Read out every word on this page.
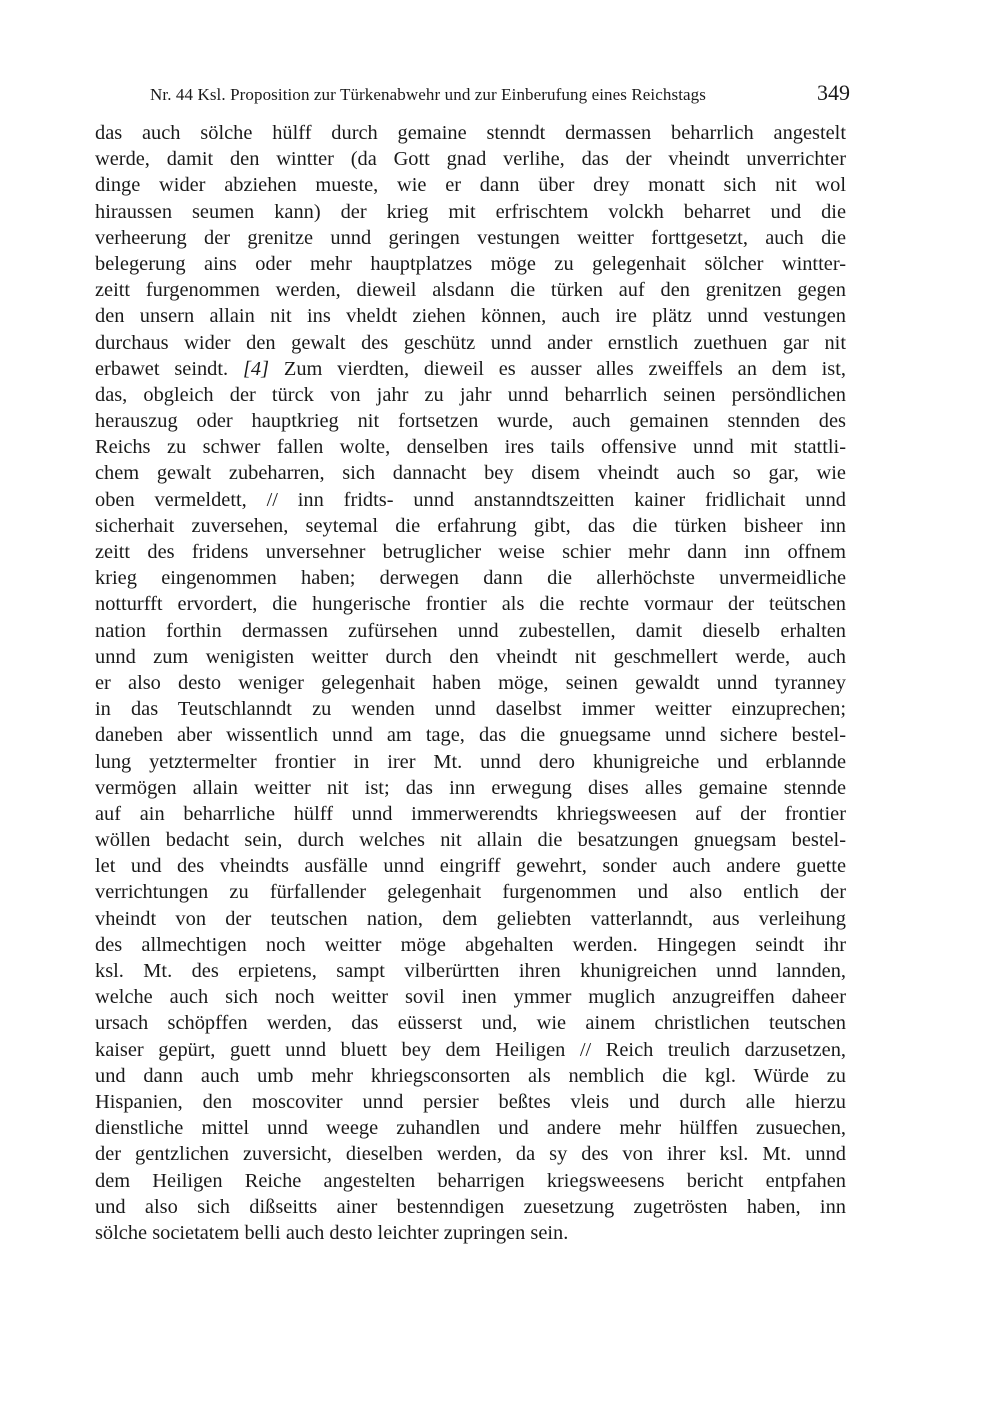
Nr. 44 Ksl. Proposition zur Türkenabwehr und zur Einberufung eines Reichstags	349
das auch sölche hülff durch gemaine stenndt dermassen beharrlich angestelt
werde, damit den wintter (da Gott gnad verlihe, das der vheindt unverrichter
dinge wider abziehen mueste, wie er dann über drey monatt sich nit wol
hiraussen seumen kann) der krieg mit erfrischtem volckh beharret und die
verheerung der grenitze unnd geringen vestungen weitter forttgesetzt, auch die
belegerung ains oder mehr hauptplatzes möge zu gelegenhait sölcher wintter-
zeitt furgenommen werden, dieweil alsdann die türken auf den grenitzen gegen
den unsern allain nit ins vheldt ziehen können, auch ire plätz unnd vestungen
durchaus wider den gewalt des geschütz unnd ander ernstlich zuethuen gar nit
erbawet seindt. [4] Zum vierdten, dieweil es ausser alles zweiffels an dem ist,
das, obgleich der türck von jahr zu jahr unnd beharrlich seinen persöndlichen
herauszug oder hauptkrieg nit fortsetzen wurde, auch gemainen stennden des
Reichs zu schwer fallen wolte, denselben ires tails offensive unnd mit stattli-
chem gewalt zubeharren, sich dannacht bey disem vheindt auch so gar, wie
oben vermeldett, // inn fridts- unnd anstanndtszeitten kainer fridlichait unnd
sicherhait zuversehen, seytemal die erfahrung gibt, das die türken bisheer inn
zeitt des fridens unversehner betruglicher weise schier mehr dann inn offnem
krieg eingenommen haben; derwegen dann die allerhöchste unvermeidliche
notturfft ervordert, die hungerische frontier als die rechte vormaur der teütschen
nation forthin dermassen zufürsehen unnd zubestellen, damit dieselb erhalten
unnd zum wenigisten weitter durch den vheindt nit geschmellert werde, auch
er also desto weniger gelegenhait haben möge, seinen gewaldt unnd tyranney
in das Teutschlanndt zu wenden unnd daselbst immer weitter einzuprechen;
daneben aber wissentlich unnd am tage, das die gnuegsame unnd sichere bestel-
lung yetztermelter frontier in irer Mt. unnd dero khunigreiche und erblannde
vermögen allain weitter nit ist; das inn erwegung dises alles gemaine stennde
auf ain beharrliche hülff unnd immerwerendts khriegsweesen auf der frontier
wöllen bedacht sein, durch welches nit allain die besatzungen gnuegsam bestel-
let und des vheindts ausfälle unnd eingriff gewehrt, sonder auch andere guette
verrichtungen zu fürfallender gelegenhait furgenommen und also entlich der
vheindt von der teutschen nation, dem geliebten vatterlanndt, aus verleihung
des allmechtigen noch weitter möge abgehalten werden. Hingegen seindt ihr
ksl. Mt. des erpietens, sampt vilberürtten ihren khunigreichen unnd lannden,
welche auch sich noch weitter sovil inen ymmer muglich anzugreiffen daheer
ursach schöpffen werden, das eüsserst und, wie ainem christlichen teutschen
kaiser gepürt, guett unnd bluett bey dem Heiligen // Reich treulich darzusetzen,
und dann auch umb mehr khriegsconsorten als nemblich die kgl. Würde zu
Hispanien, den moscoviter unnd persier beßtes vleis und durch alle hierzu
dienstliche mittel unnd weege zuhandlen und andere mehr hülffen zusuechen,
der gentzlichen zuversicht, dieselben werden, da sy des von ihrer ksl. Mt. unnd
dem Heiligen Reiche angestelten beharrigen kriegsweesens bericht entpfahen
und also sich dißseitts ainer bestenndigen zuesetzung zugetrösten haben, inn
sölche societatem belli auch desto leichter zupringen sein.
